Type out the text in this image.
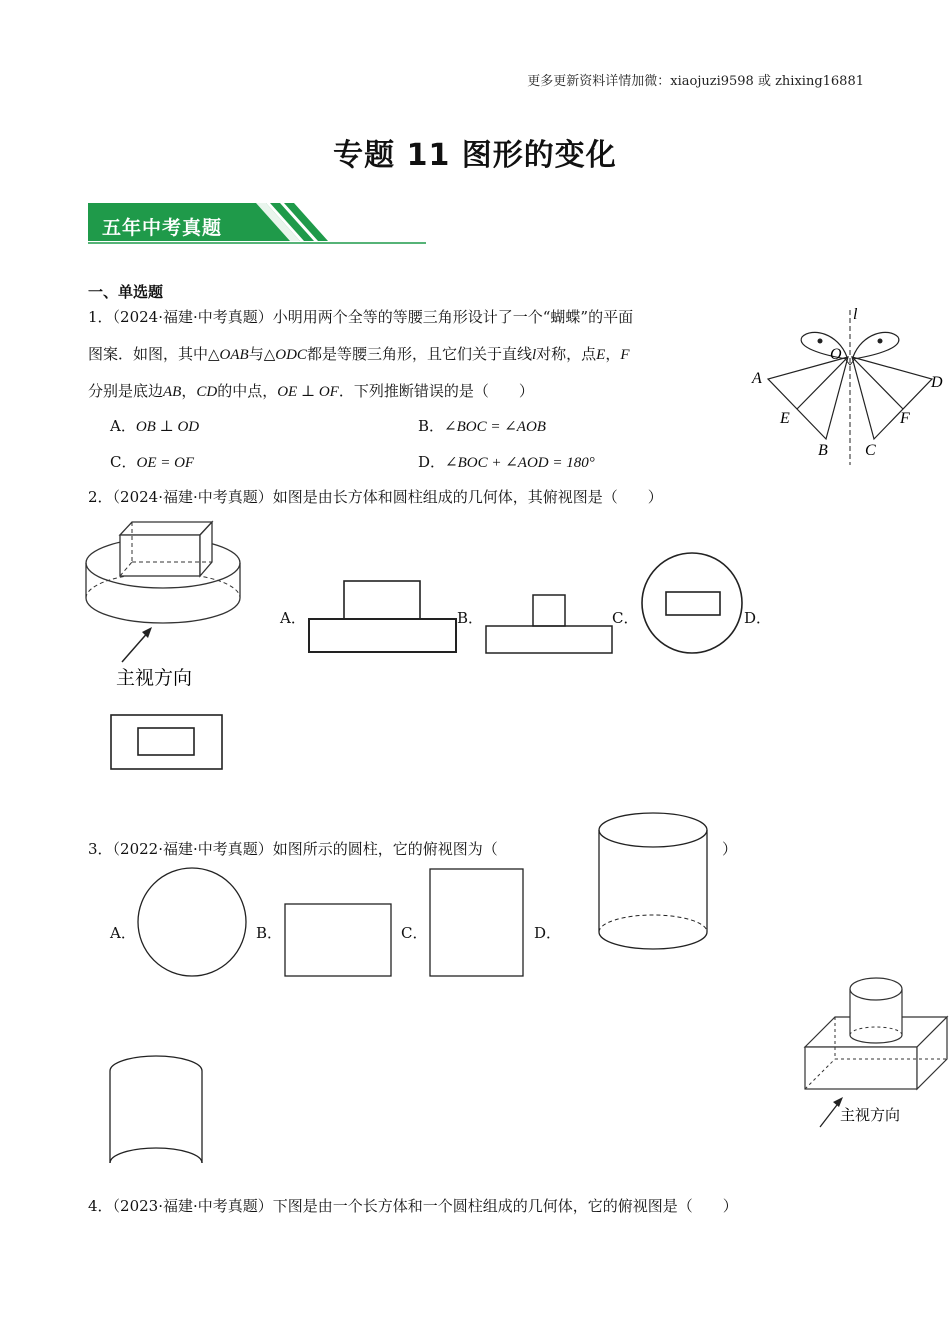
更多更新资料详情加微：xiaojuzi9598 或 zhixing16881
专题 11 图形的变化
五年中考真题
一、单选题
1．（2024·福建·中考真题）小明用两个全等的等腰三角形设计了一个“蝴蝶”的平面
图案．如图，其中△OAB与△ODC都是等腰三角形，且它们关于直线l对称，点E，F
分别是底边AB，CD的中点，OE ⊥ OF．下列推断错误的是（　　）
A．OB ⊥ OD	B．∠BOC = ∠AOB
C．OE = OF	D．∠BOC + ∠AOD = 180°
l
O
A	D
E	F
B C
2．（2024·福建·中考真题）如图是由长方体和圆柱组成的几何体，其俯视图是（　　）
主视方向
A．	B．	C．	D．
3．（2022·福建·中考真题）如图所示的圆柱，它的俯视图为（	）
A．	B．	C．	D．
主视方向
4．（2023·福建·中考真题）下图是由一个长方体和一个圆柱组成的几何体，它的俯视图是（　　）
